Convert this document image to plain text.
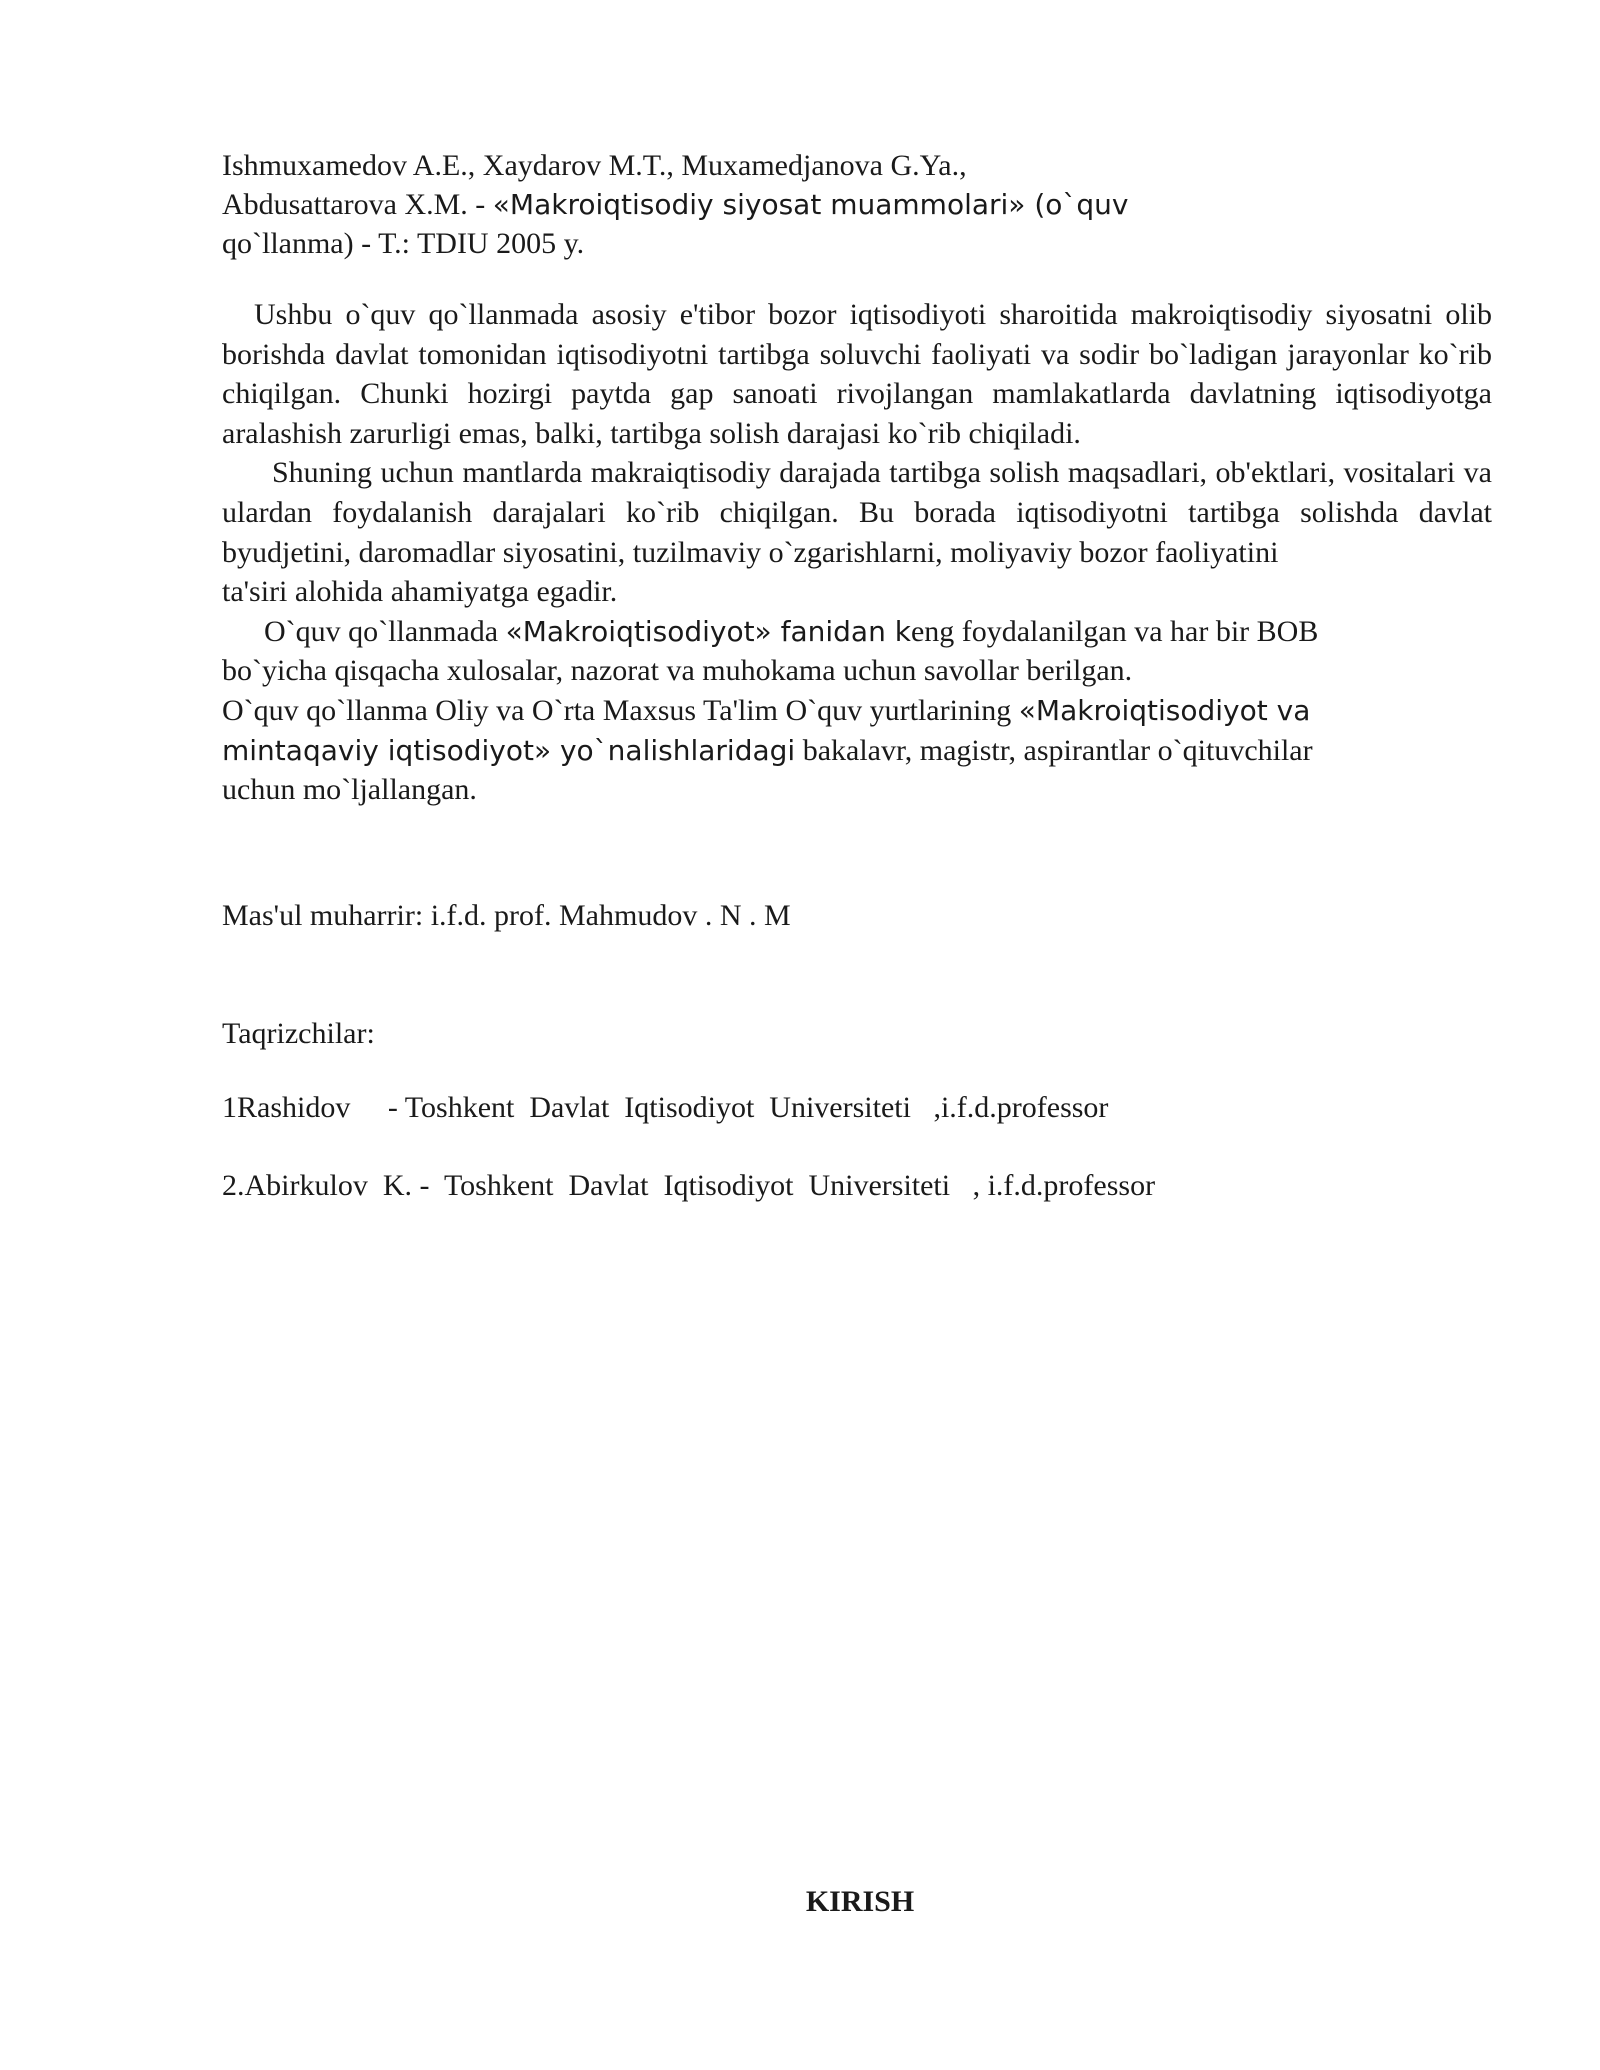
Ishmuxamedov A.E., Xaydarov M.T., Muxamedjanova G.Ya.,
Abdusattarova X.M. - «Makroiqtisodiy siyosat muammolari» (o`quv
qo`llanma) - T.: TDIU 2005 y.

Ushbu o`quv qo`llanmada asosiy e'tibor bozor iqtisodiyoti sharoitida makroiqtisodiy siyosatni olib borishda davlat tomonidan iqtisodiyotni tartibga soluvchi faoliyati va sodir bo`ladigan jarayonlar ko`rib chiqilgan. Chunki hozirgi paytda gap sanoati rivojlangan mamlakatlarda davlatning iqtisodiyotga aralashish zarurligi emas, balki, tartibga solish darajasi ko`rib chiqiladi.

Shuning uchun mantlarda makraiqtisodiy darajada tartibga solish maqsadlari, ob'ektlari, vositalari va ulardan foydalanish darajalari ko`rib chiqilgan. Bu borada iqtisodiyotni tartibga solishda davlat byudjetini, daromadlar siyosatini, tuzilmaviy o`zgarishlarni, moliyaviy bozor faoliyatini

ta'siri alohida ahamiyatga egadir.

O`quv qo`llanmada «Makroiqtisodiyot» fanidan keng foydalanilgan va har bir BOB

bo`yicha qisqacha xulosalar, nazorat va muhokama uchun savollar berilgan.

O`quv qo`llanma Oliy va O`rta Maxsus Ta'lim O`quv yurtlarining «Makroiqtisodiyot va

mintaqaviy iqtisodiyot» yo`nalishlaridagi bakalavr, magistr, aspirantlar o`qituvchilar

uchun mo`ljallangan.

Mas'ul muharrir: i.f.d. prof. Mahmudov . N . M
Taqrizchilar:
1Rashidov     - Toshkent  Davlat  Iqtisodiyot  Universiteti   ,i.f.d.professor
2.Abirkulov  K. -  Toshkent  Davlat  Iqtisodiyot  Universiteti   , i.f.d.professor
KIRISH
